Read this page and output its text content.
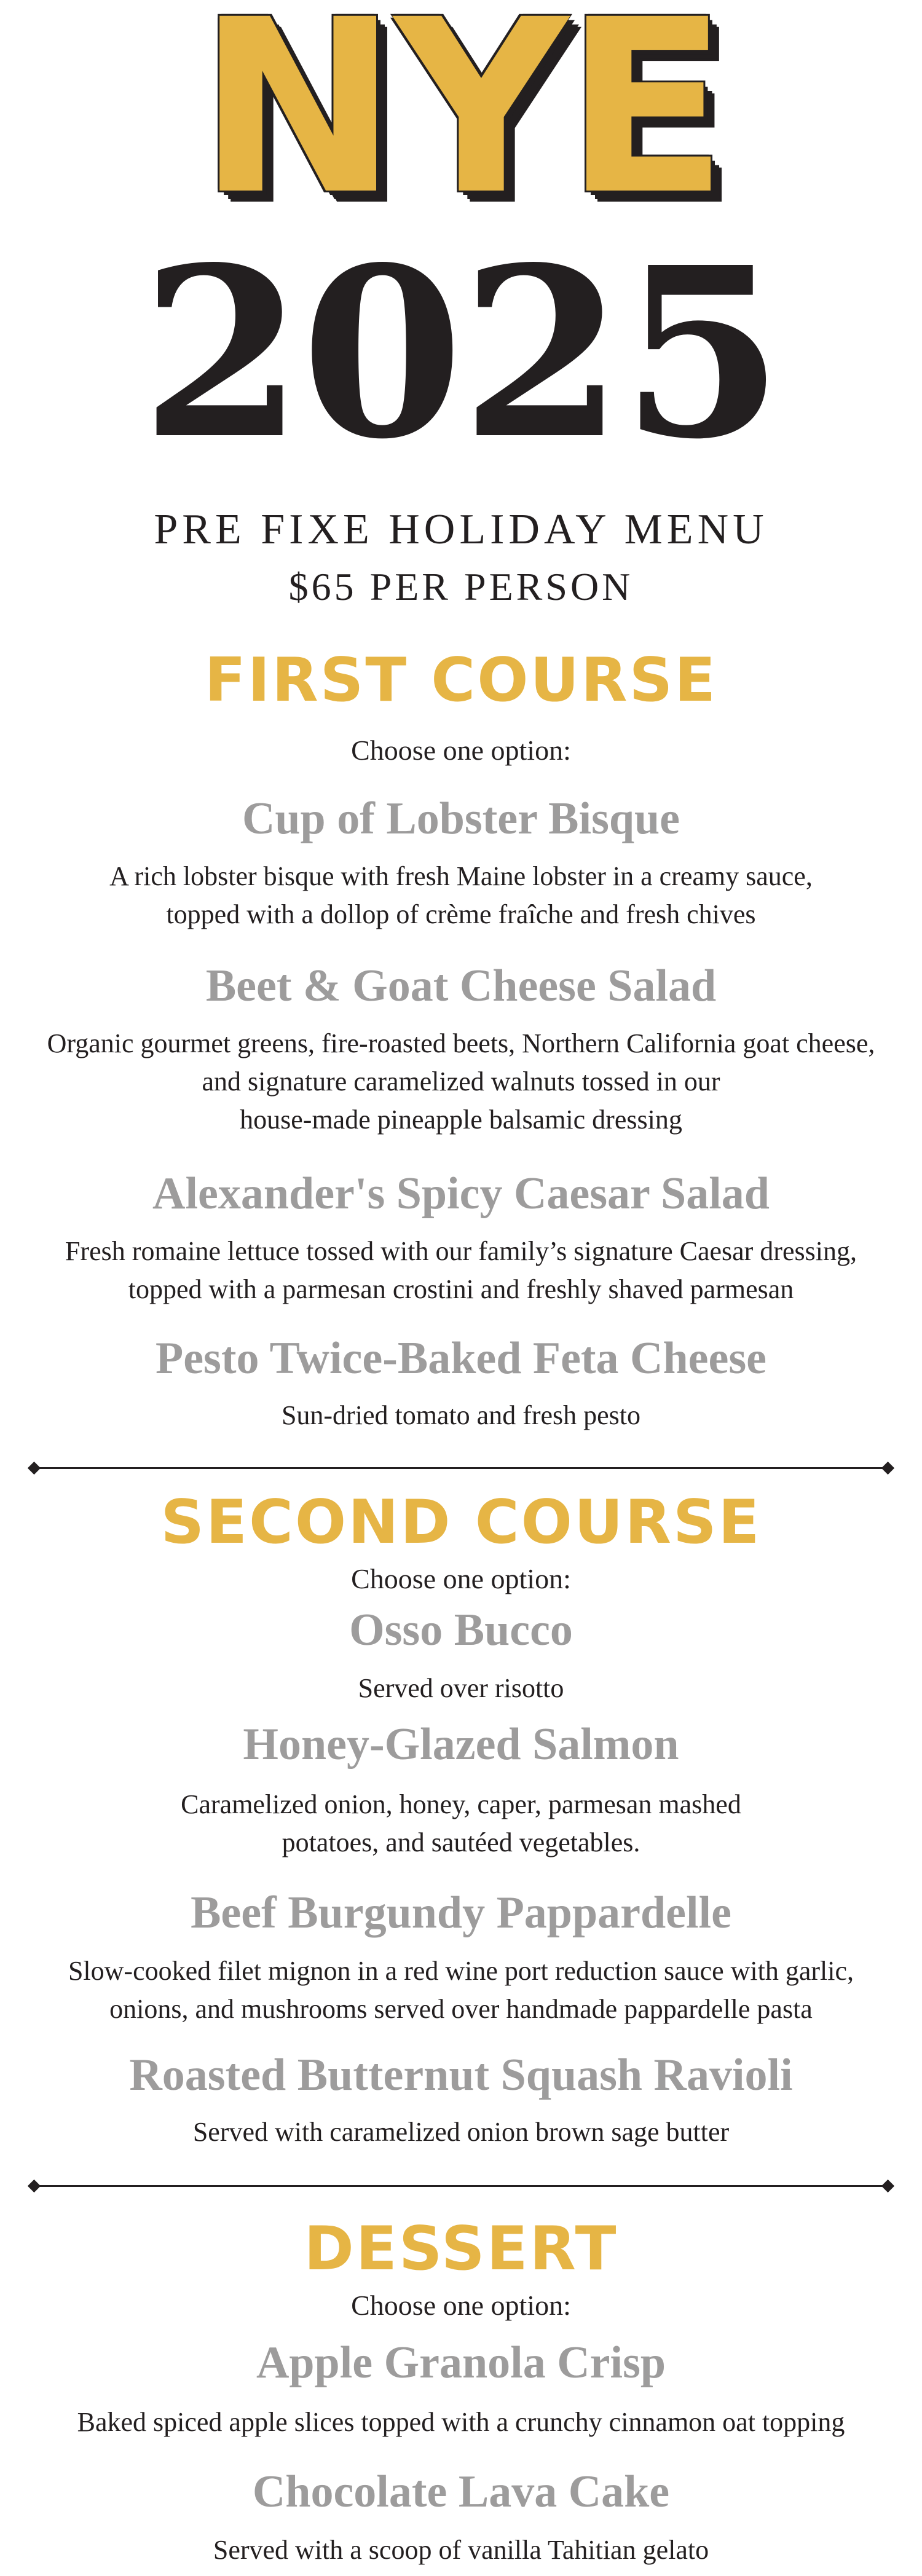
NYE
2025
PRE FIXE HOLIDAY MENU
$65 PER PERSON
FIRST COURSE
Choose one option:
Cup of Lobster Bisque
A rich lobster bisque with fresh Maine lobster in a creamy sauce,
topped with a dollop of crème fraîche and fresh chives
Beet & Goat Cheese Salad
Organic gourmet greens, fire-roasted beets, Northern California goat cheese,
and signature caramelized walnuts tossed in our
house-made pineapple balsamic dressing
Alexander's Spicy Caesar Salad
Fresh romaine lettuce tossed with our family’s signature Caesar dressing,
topped with a parmesan crostini and freshly shaved parmesan
Pesto Twice-Baked Feta Cheese
Sun-dried tomato and fresh pesto
SECOND COURSE
Choose one option:
Osso Bucco
Served over risotto
Honey-Glazed Salmon
Caramelized onion, honey, caper, parmesan mashed
potatoes, and sautéed vegetables.
Beef Burgundy Pappardelle
Slow-cooked filet mignon in a red wine port reduction sauce with garlic,
onions, and mushrooms served over handmade pappardelle pasta
Roasted Butternut Squash Ravioli
Served with caramelized onion brown sage butter
DESSERT
Choose one option:
Apple Granola Crisp
Baked spiced apple slices topped with a crunchy cinnamon oat topping
Chocolate Lava Cake
Served with a scoop of vanilla Tahitian gelato
